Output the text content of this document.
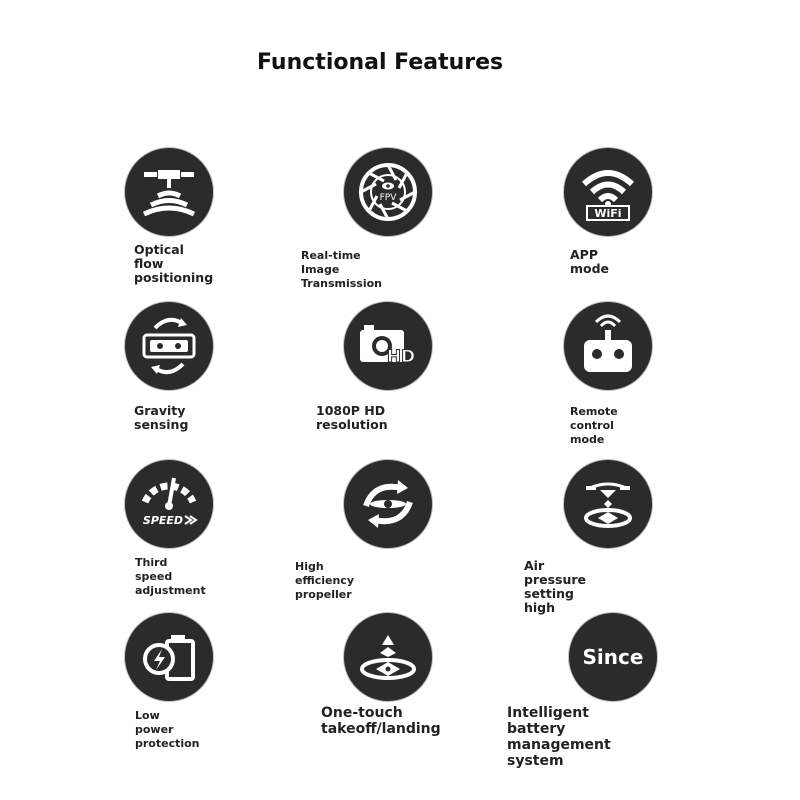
Functional Features
Optical flow
positioning
FPV
Real-time Image Transmission
WiFi
APP mode
Gravity sensing
HD
1080P HD resolution
Remote control mode
SPEED
Third speed
adjustment
High efficiency propeller
Air pressure setting high
Low power
protection
One-touch
takeoff/landing
Since
Intelligent battery
management system
